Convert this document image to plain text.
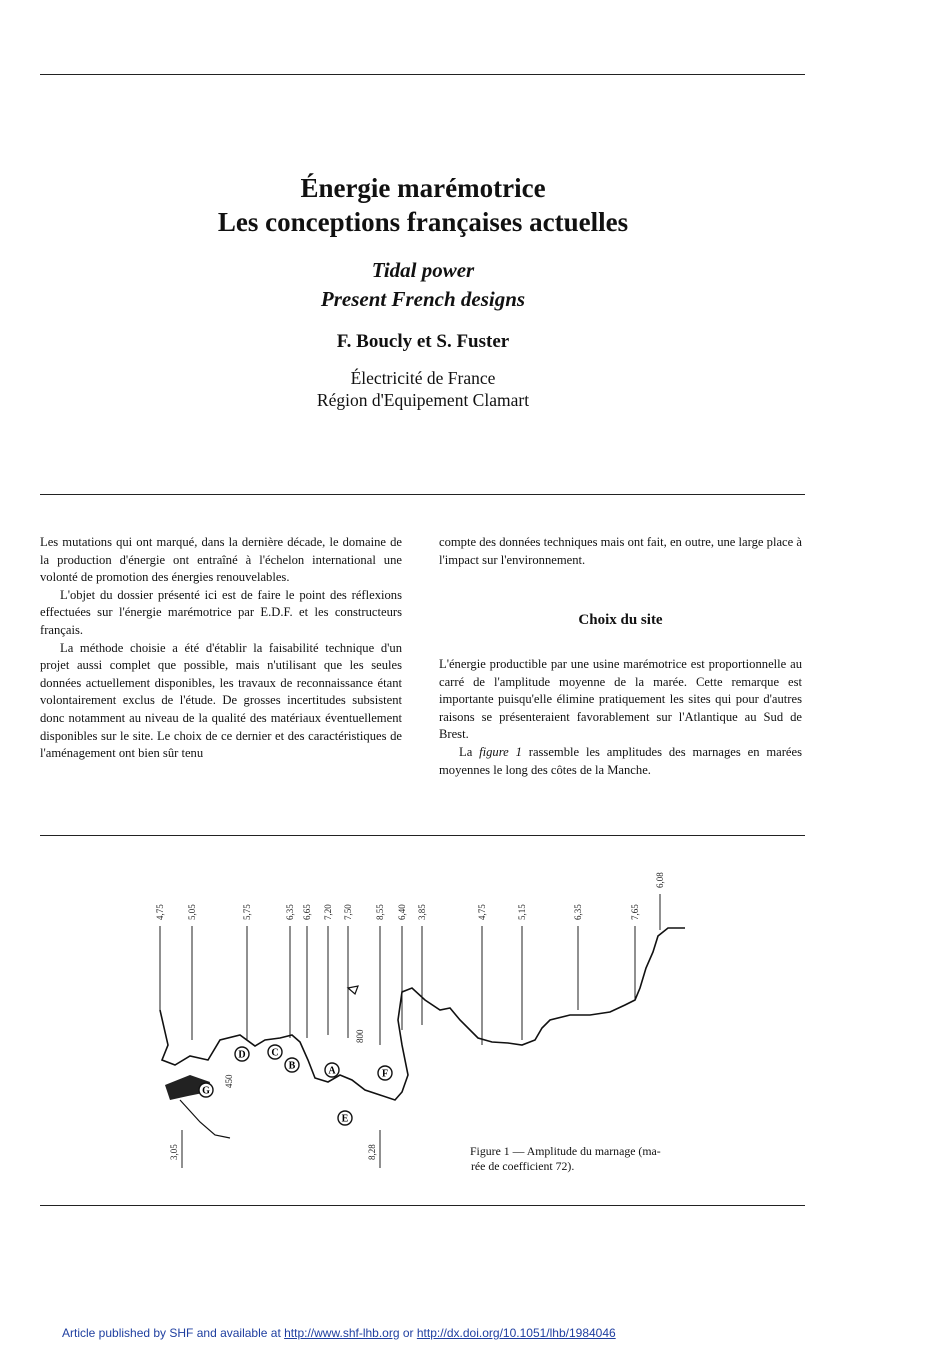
Énergie marémotrice
Les conceptions françaises actuelles
Tidal power
Present French designs
F. Boucly et S. Fuster
Électricité de France
Région d'Equipement Clamart

Les mutations qui ont marqué, dans la dernière décade, le domaine de la production d'énergie ont entraîné à l'échelon international une volonté de promotion des énergies renouvelables.

L'objet du dossier présenté ici est de faire le point des réflexions effectuées sur l'énergie marémotrice par E.D.F. et les constructeurs français.

La méthode choisie a été d'établir la faisabilité technique d'un projet aussi complet que possible, mais n'utilisant que les seules données actuellement disponibles, les travaux de reconnaissance étant volontairement exclus de l'étude. De grosses incertitudes subsistent donc notamment au niveau de la qualité des matériaux éventuellement disponibles sur le site. Le choix de ce dernier et des caractéristiques de l'aménagement ont bien sûr tenu

compte des données techniques mais ont fait, en outre, une large place à l'impact sur l'environnement.

Choix du site

L'énergie productible par une usine marémotrice est proportionnelle au carré de l'amplitude moyenne de la marée. Cette remarque est importante puisqu'elle élimine pratiquement les sites qui pour d'autres raisons se présenteraient favorablement sur l'Atlantique au Sud de Brest.

La figure 1 rassemble les amplitudes des marnages en marées moyennes le long des côtes de la Manche.

4,75 5,05	5,75	6,35 6,65 7,20 7,50 8,55 6,40 3,85	4,75	5,15	6,35	7,65
6,08
D	C
B	A
E
F
G
3,05	8,28
450
800
Figure 1 — Amplitude du marnage (ma-
rée de coefficient 72).
Article published by SHF and available at http://www.shf-lhb.org or http://dx.doi.org/10.1051/lhb/1984046
